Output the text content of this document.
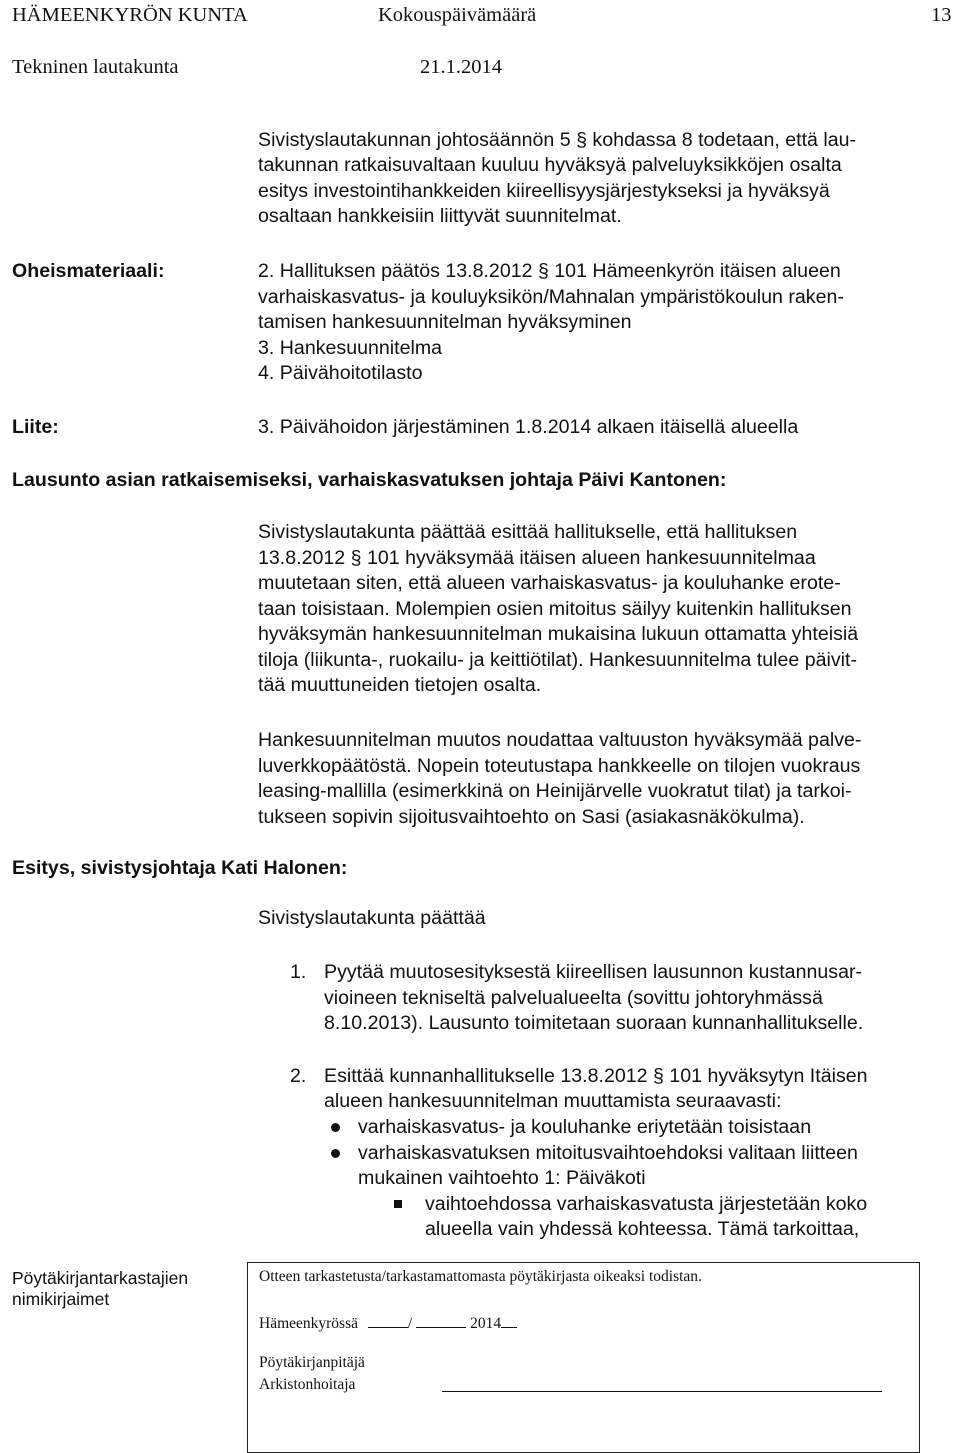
HÄMEENKYRÖN KUNTA	Kokouspäivämäärä	13
Tekninen lautakunta	21.1.2014
Sivistyslautakunnan johtosäännön 5 § kohdassa 8 todetaan, että lau-
takunnan ratkaisuvaltaan kuuluu hyväksyä palveluyksikköjen osalta
esitys investointihankkeiden kiireellisyysjärjestykseksi ja hyväksyä
osaltaan hankkeisiin liittyvät suunnitelmat.
Oheismateriaali:	2. Hallituksen päätös 13.8.2012 § 101 Hämeenkyrön itäisen alueen
varhaiskasvatus- ja kouluyksikön/Mahnalan ympäristökoulun raken-
tamisen hankesuunnitelman hyväksyminen
3. Hankesuunnitelma
4. Päivähoitotilasto
Liite:	3. Päivähoidon järjestäminen 1.8.2014 alkaen itäisellä alueella
Lausunto asian ratkaisemiseksi, varhaiskasvatuksen johtaja Päivi Kantonen:
Sivistyslautakunta päättää esittää hallitukselle, että hallituksen
13.8.2012 § 101 hyväksymää itäisen alueen hankesuunnitelmaa
muutetaan siten, että alueen varhaiskasvatus- ja kouluhanke erote-
taan toisistaan. Molempien osien mitoitus säilyy kuitenkin hallituksen
hyväksymän hankesuunnitelman mukaisina lukuun ottamatta yhteisiä
tiloja (liikunta-, ruokailu- ja keittiötilat). Hankesuunnitelma tulee päivit-
tää muuttuneiden tietojen osalta.
Hankesuunnitelman muutos noudattaa valtuuston hyväksymää palve-
luverkkopäätöstä. Nopein toteutustapa hankkeelle on tilojen vuokraus
leasing-mallilla (esimerkkinä on Heinijärvelle vuokratut tilat) ja tarkoi-
tukseen sopivin sijoitusvaihtoehto on Sasi (asiakasnäkökulma).
Esitys, sivistysjohtaja Kati Halonen:
Sivistyslautakunta päättää
1. Pyytää muutosesityksestä kiireellisen lausunnon kustannusar-
vioineen tekniseltä palvelualueelta (sovittu johtoryhmässä
8.10.2013). Lausunto toimitetaan suoraan kunnanhallitukselle.
2. Esittää kunnanhallitukselle 13.8.2012 § 101 hyväksytyn Itäisen
alueen hankesuunnitelman muuttamista seuraavasti:
varhaiskasvatus- ja kouluhanke eriytetään toisistaan
varhaiskasvatuksen mitoitusvaihtoehdoksi valitaan liitteen
mukainen vaihtoehto 1: Päiväkoti
vaihtoehdossa varhaiskasvatusta järjestetään koko
alueella vain yhdessä kohteessa. Tämä tarkoittaa,
Pöytäkirjantarkastajien
nimikirjaimet
Otteen tarkastetusta/tarkastamattomasta pöytäkirjasta oikeaksi todistan.
Hämeenkyrössä	/	2014
Pöytäkirjanpitäjä
Arkistonhoitaja
